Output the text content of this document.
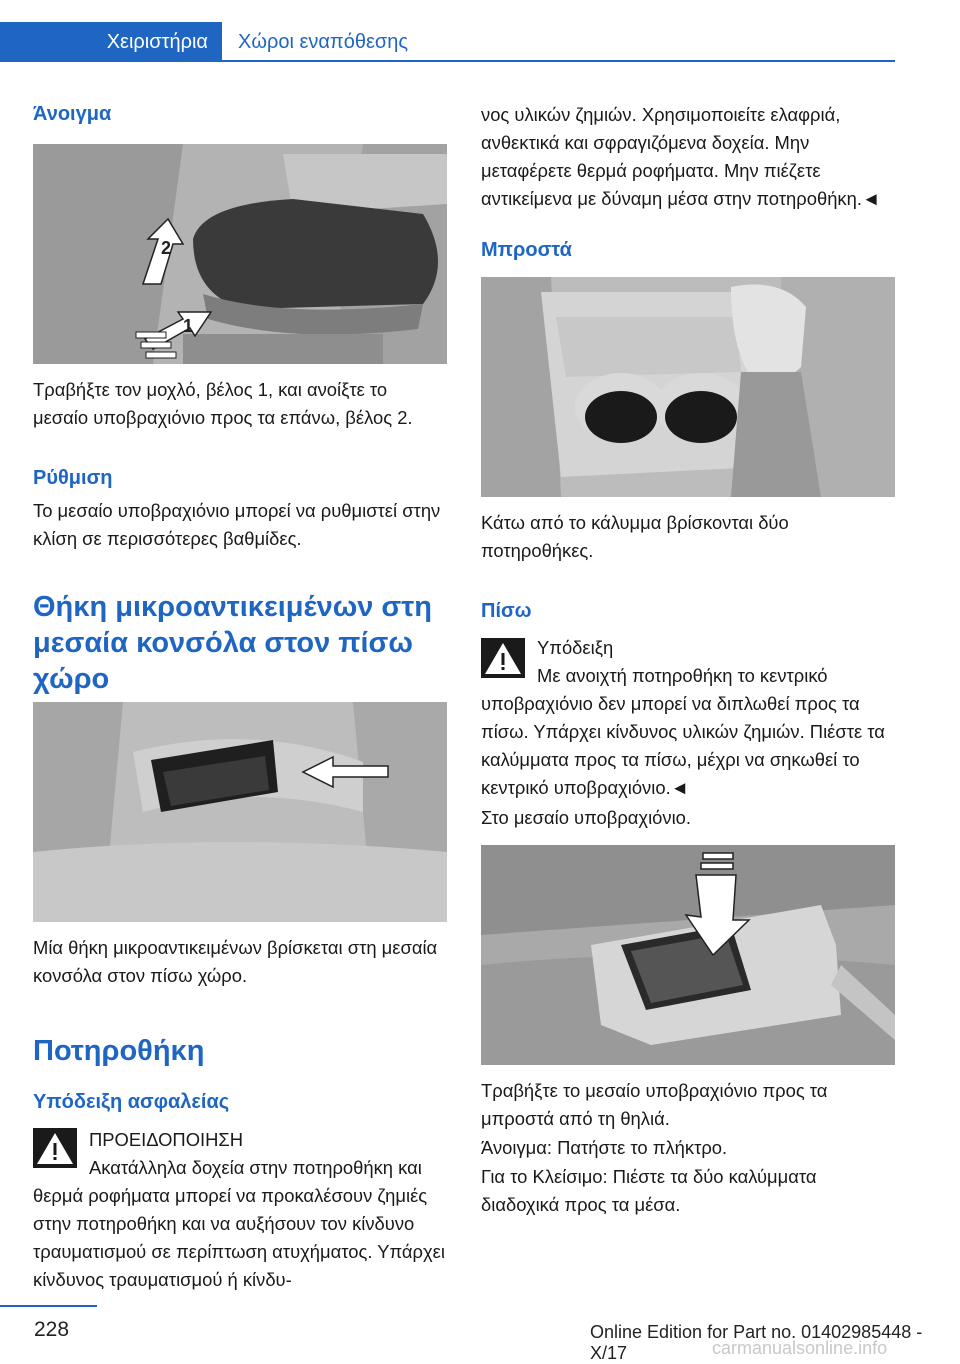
Χειριστήρια	Χώροι εναπόθεσης
Άνοιγμα
2
1

Τραβήξτε τον μοχλό, βέλος 1, και ανοίξτε το μεσαίο υποβραχιόνιο προς τα επάνω, βέλος 2.

Ρύθμιση

Το μεσαίο υποβραχιόνιο μπορεί να ρυθμιστεί στην κλίση σε περισσότερες βαθμίδες.

Θήκη μικροαντικειμένων στη μεσαία κονσόλα στον πίσω χώρο

Μία θήκη μικροαντικειμένων βρίσκεται στη μεσαία κονσόλα στον πίσω χώρο.

Ποτηροθήκη
Υπόδειξη ασφαλείας
ΠΡΟΕΙΔΟΠΟΙΗΣΗ

Ακατάλληλα δοχεία στην ποτηροθήκη και θερμά ροφήματα μπορεί να προκαλέσουν ζημιές στην ποτηροθήκη και να αυξήσουν τον κίνδυνο τραυματισμού σε περίπτωση ατυχήματος. Υπάρχει κίνδυνος τραυματισμού ή κίνδυ-

νος υλικών ζημιών. Χρησιμοποιείτε ελαφριά, ανθεκτικά και σφραγιζόμενα δοχεία. Μην μεταφέρετε θερμά ροφήματα. Μην πιέζετε αντικείμενα με δύναμη μέσα στην ποτηροθήκη.◄

Μπροστά

Κάτω από το κάλυμμα βρίσκονται δύο ποτηροθήκες.

Πίσω
Υπόδειξη

Με ανοιχτή ποτηροθήκη το κεντρικό υποβραχιόνιο δεν μπορεί να διπλωθεί προς τα πίσω. Υπάρχει κίνδυνος υλικών ζημιών. Πιέστε τα καλύμματα προς τα πίσω, μέχρι να σηκωθεί το κεντρικό υποβραχιόνιο.◄

Στο μεσαίο υποβραχιόνιο.

Τραβήξτε το μεσαίο υποβραχιόνιο προς τα μπροστά από τη θηλιά.

Άνοιγμα: Πατήστε το πλήκτρο.

Για το Κλείσιμο: Πιέστε τα δύο καλύμματα διαδοχικά προς τα μέσα.

228	Online Edition for Part no. 01402985448 - X/17	carmanualsonline.info
